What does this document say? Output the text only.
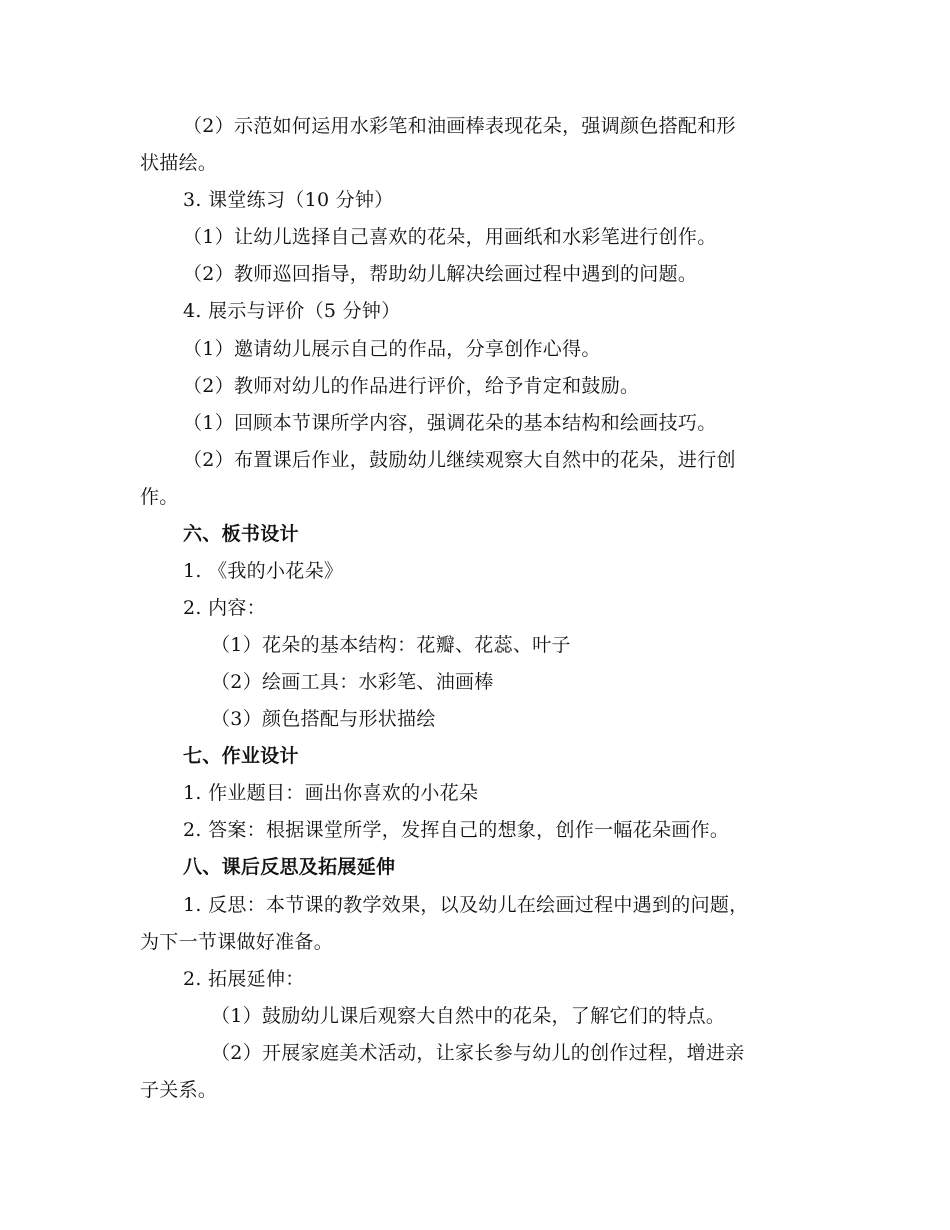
（2）示范如何运用水彩笔和油画棒表现花朵，强调颜色搭配和形
状描绘。
3. 课堂练习（10 分钟）
（1）让幼儿选择自己喜欢的花朵，用画纸和水彩笔进行创作。
（2）教师巡回指导，帮助幼儿解决绘画过程中遇到的问题。
4. 展示与评价（5 分钟）
（1）邀请幼儿展示自己的作品，分享创作心得。
（2）教师对幼儿的作品进行评价，给予肯定和鼓励。
（1）回顾本节课所学内容，强调花朵的基本结构和绘画技巧。
（2）布置课后作业，鼓励幼儿继续观察大自然中的花朵，进行创
作。
六、板书设计
1. 《我的小花朵》
2. 内容：
（1）花朵的基本结构：花瓣、花蕊、叶子
（2）绘画工具：水彩笔、油画棒
（3）颜色搭配与形状描绘
七、作业设计
1. 作业题目：画出你喜欢的小花朵
2. 答案：根据课堂所学，发挥自己的想象，创作一幅花朵画作。
八、课后反思及拓展延伸
1. 反思：本节课的教学效果，以及幼儿在绘画过程中遇到的问题，
为下一节课做好准备。
2. 拓展延伸：
（1）鼓励幼儿课后观察大自然中的花朵，了解它们的特点。
（2）开展家庭美术活动，让家长参与幼儿的创作过程，增进亲
子关系。
